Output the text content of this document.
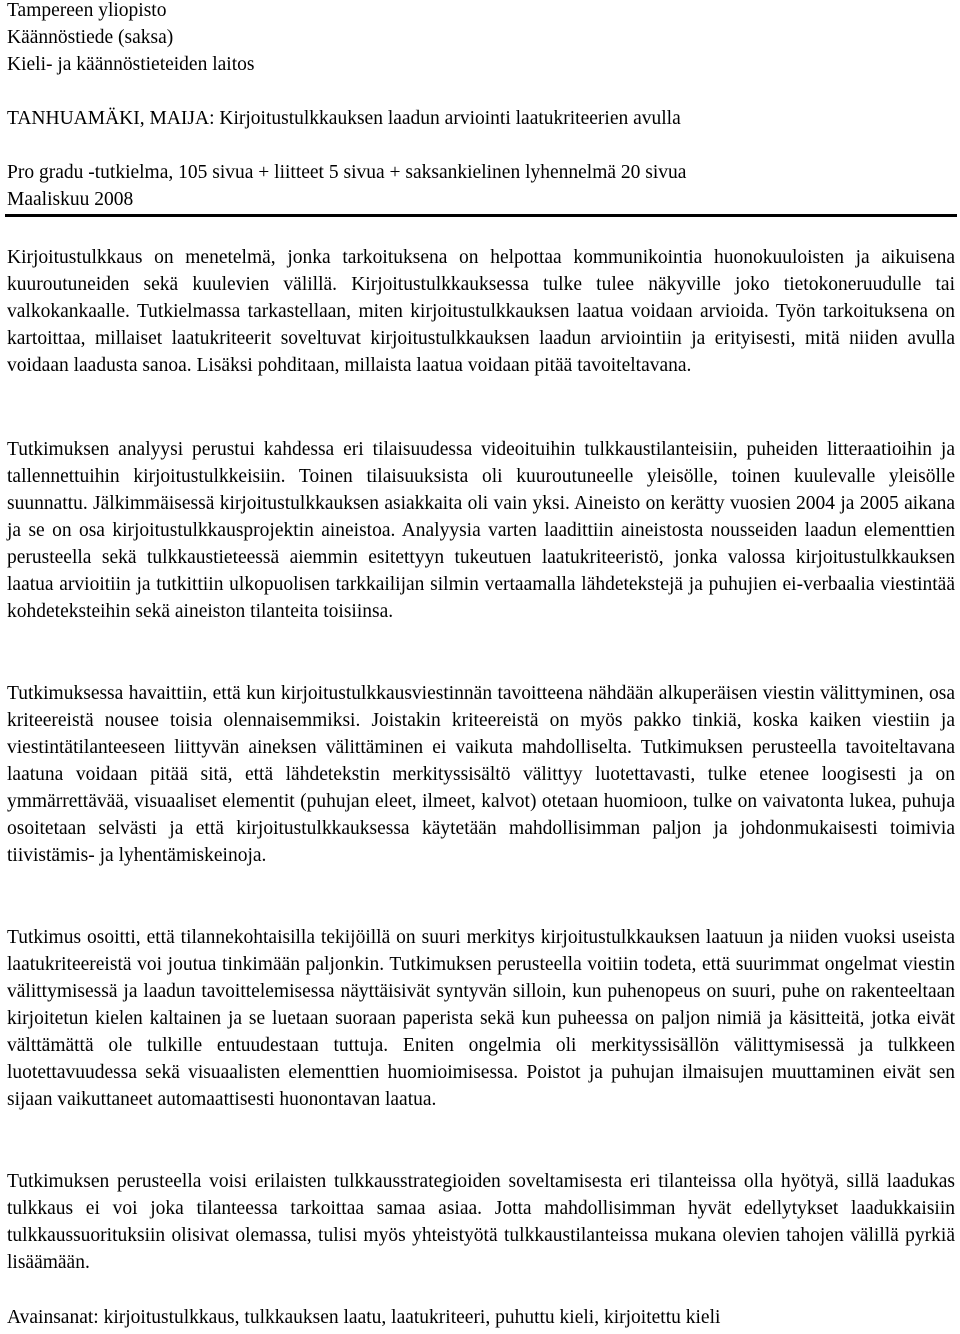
Tampereen yliopisto

Käännöstiede (saksa)

Kieli- ja käännöstieteiden laitos

TANHUAMÄKI, MAIJA: Kirjoitustulkkauksen laadun arviointi laatukriteerien avulla

Pro gradu -tutkielma, 105 sivua + liitteet 5 sivua + saksankielinen lyhennelmä 20 sivua

Maaliskuu 2008

Kirjoitustulkkaus on menetelmä, jonka tarkoituksena on helpottaa kommunikointia huonokuuloisten ja aikuisena kuuroutuneiden sekä kuulevien välillä. Kirjoitustulkkauksessa tulke tulee näkyville joko tietokoneruudulle tai valkokankaalle. Tutkielmassa tarkastellaan, miten kirjoitustulkkauksen laatua voidaan arvioida. Työn tarkoituksena on kartoittaa, millaiset laatukriteerit soveltuvat kirjoitustulkkauksen laadun arviointiin ja erityisesti, mitä niiden avulla voidaan laadusta sanoa. Lisäksi pohditaan, millaista laatua voidaan pitää tavoiteltavana.

Tutkimuksen analyysi perustui kahdessa eri tilaisuudessa videoituihin tulkkaustilanteisiin, puheiden litteraatioihin ja tallennettuihin kirjoitustulkkeisiin. Toinen tilaisuuksista oli kuuroutuneelle yleisölle, toinen kuulevalle yleisölle suunnattu. Jälkimmäisessä kirjoitustulkkauksen asiakkaita oli vain yksi. Aineisto on kerätty vuosien 2004 ja 2005 aikana ja se on osa kirjoitustulkkausprojektin aineistoa. Analyysia varten laadittiin aineistosta nousseiden laadun elementtien perusteella sekä tulkkaustieteessä aiemmin esitettyyn tukeutuen laatukriteeristö, jonka valossa kirjoitustulkkauksen laatua arvioitiin ja tutkittiin ulkopuolisen tarkkailijan silmin vertaamalla lähdetekstejä ja puhujien ei-verbaalia viestintää kohdeteksteihin sekä aineiston tilanteita toisiinsa.

Tutkimuksessa havaittiin, että kun kirjoitustulkkausviestinnän tavoitteena nähdään alkuperäisen viestin välittyminen, osa kriteereistä nousee toisia olennaisemmiksi. Joistakin kriteereistä on myös pakko tinkiä, koska kaiken viestiin ja viestintätilanteeseen liittyvän aineksen välittäminen ei vaikuta mahdolliselta. Tutkimuksen perusteella tavoiteltavana laatuna voidaan pitää sitä, että lähdetekstin merkityssisältö välittyy luotettavasti, tulke etenee loogisesti ja on ymmärrettävää, visuaaliset elementit (puhujan eleet, ilmeet, kalvot) otetaan huomioon, tulke on vaivatonta lukea, puhuja osoitetaan selvästi ja että kirjoitustulkkauksessa käytetään mahdollisimman paljon ja johdonmukaisesti toimivia tiivistämis- ja lyhentämiskeinoja.

Tutkimus osoitti, että tilannekohtaisilla tekijöillä on suuri merkitys kirjoitustulkkauksen laatuun ja niiden vuoksi useista laatukriteereistä voi joutua tinkimään paljonkin. Tutkimuksen perusteella voitiin todeta, että suurimmat ongelmat viestin välittymisessä ja laadun tavoittelemisessa näyttäisivät syntyvän silloin, kun puhenopeus on suuri, puhe on rakenteeltaan kirjoitetun kielen kaltainen ja se luetaan suoraan paperista sekä kun puheessa on paljon nimiä ja käsitteitä, jotka eivät välttämättä ole tulkille entuudestaan tuttuja. Eniten ongelmia oli merkityssisällön välittymisessä ja tulkkeen luotettavuudessa sekä visuaalisten elementtien huomioimisessa. Poistot ja puhujan ilmaisujen muuttaminen eivät sen sijaan vaikuttaneet automaattisesti huonontavan laatua.

Tutkimuksen perusteella voisi erilaisten tulkkausstrategioiden soveltamisesta eri tilanteissa olla hyötyä, sillä laadukas tulkkaus ei voi joka tilanteessa tarkoittaa samaa asiaa. Jotta mahdollisimman hyvät edellytykset laadukkaisiin tulkkaussuorituksiin olisivat olemassa, tulisi myös yhteistyötä tulkkaustilanteissa mukana olevien tahojen välillä pyrkiä lisäämään.

Avainsanat: kirjoitustulkkaus, tulkkauksen laatu, laatukriteeri, puhuttu kieli, kirjoitettu kieli
